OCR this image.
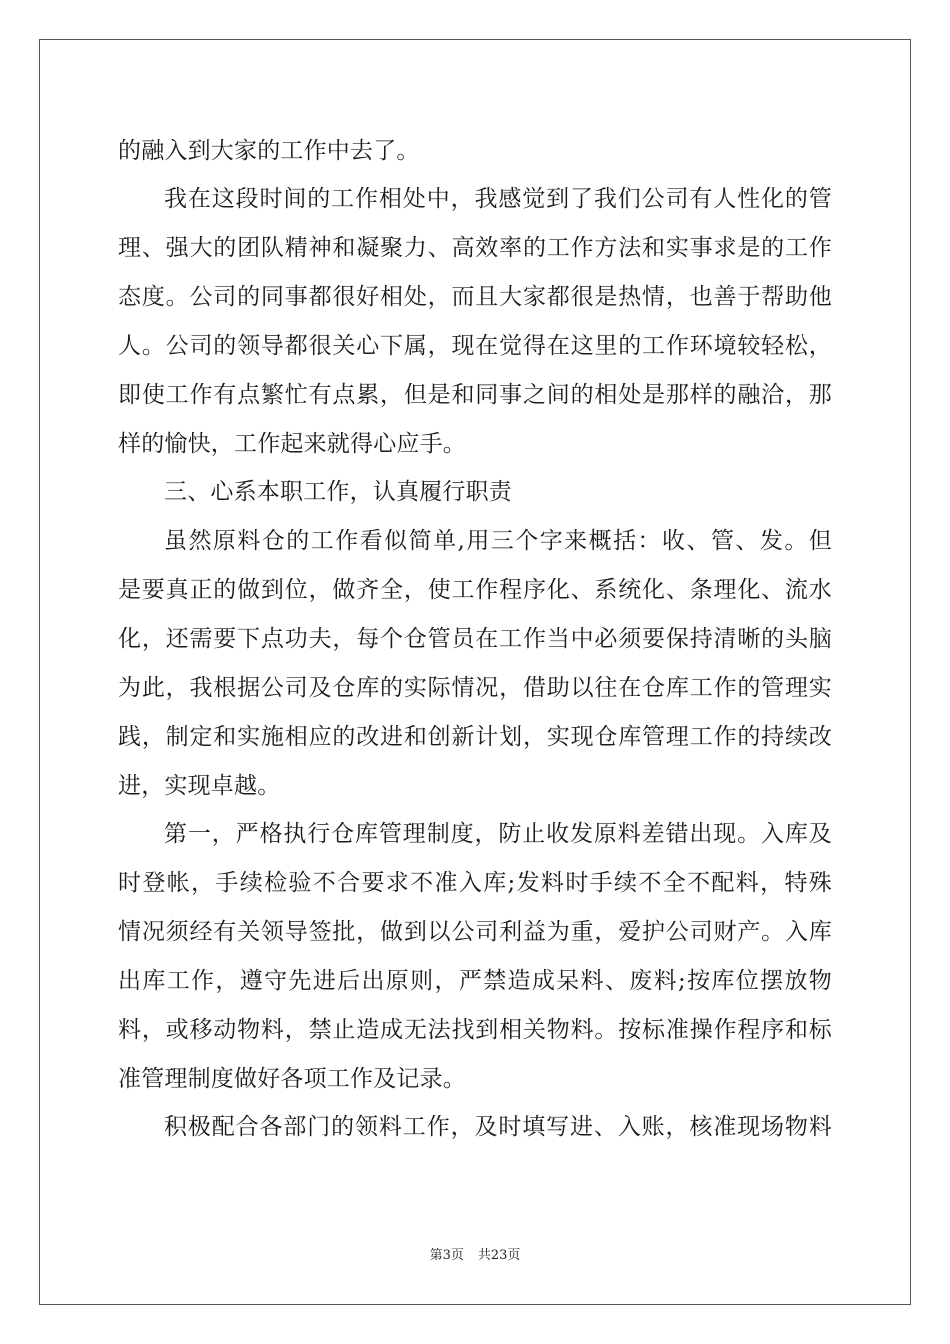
的融入到大家的工作中去了。
我在这段时间的工作相处中，我感觉到了我们公司有人性化的管
理、强大的团队精神和凝聚力、高效率的工作方法和实事求是的工作
态度。公司的同事都很好相处，而且大家都很是热情，也善于帮助他
人。公司的领导都很关心下属，现在觉得在这里的工作环境较轻松，
即使工作有点繁忙有点累，但是和同事之间的相处是那样的融洽，那
样的愉快，工作起来就得心应手。
三、心系本职工作，认真履行职责
虽然原料仓的工作看似简单,用三个字来概括：收、管、发。但
是要真正的做到位，做齐全，使工作程序化、系统化、条理化、流水
化，还需要下点功夫，每个仓管员在工作当中必须要保持清晰的头脑
为此，我根据公司及仓库的实际情况，借助以往在仓库工作的管理实
践，制定和实施相应的改进和创新计划，实现仓库管理工作的持续改
进，实现卓越。
第一，严格执行仓库管理制度，防止收发原料差错出现。入库及
时登帐，手续检验不合要求不准入库;发料时手续不全不配料，特殊
情况须经有关领导签批，做到以公司利益为重，爱护公司财产。入库
出库工作，遵守先进后出原则，严禁造成呆料、废料;按库位摆放物
料，或移动物料，禁止造成无法找到相关物料。按标准操作程序和标
准管理制度做好各项工作及记录。
积极配合各部门的领料工作，及时填写进、入账，核准现场物料
第3页 共23页
